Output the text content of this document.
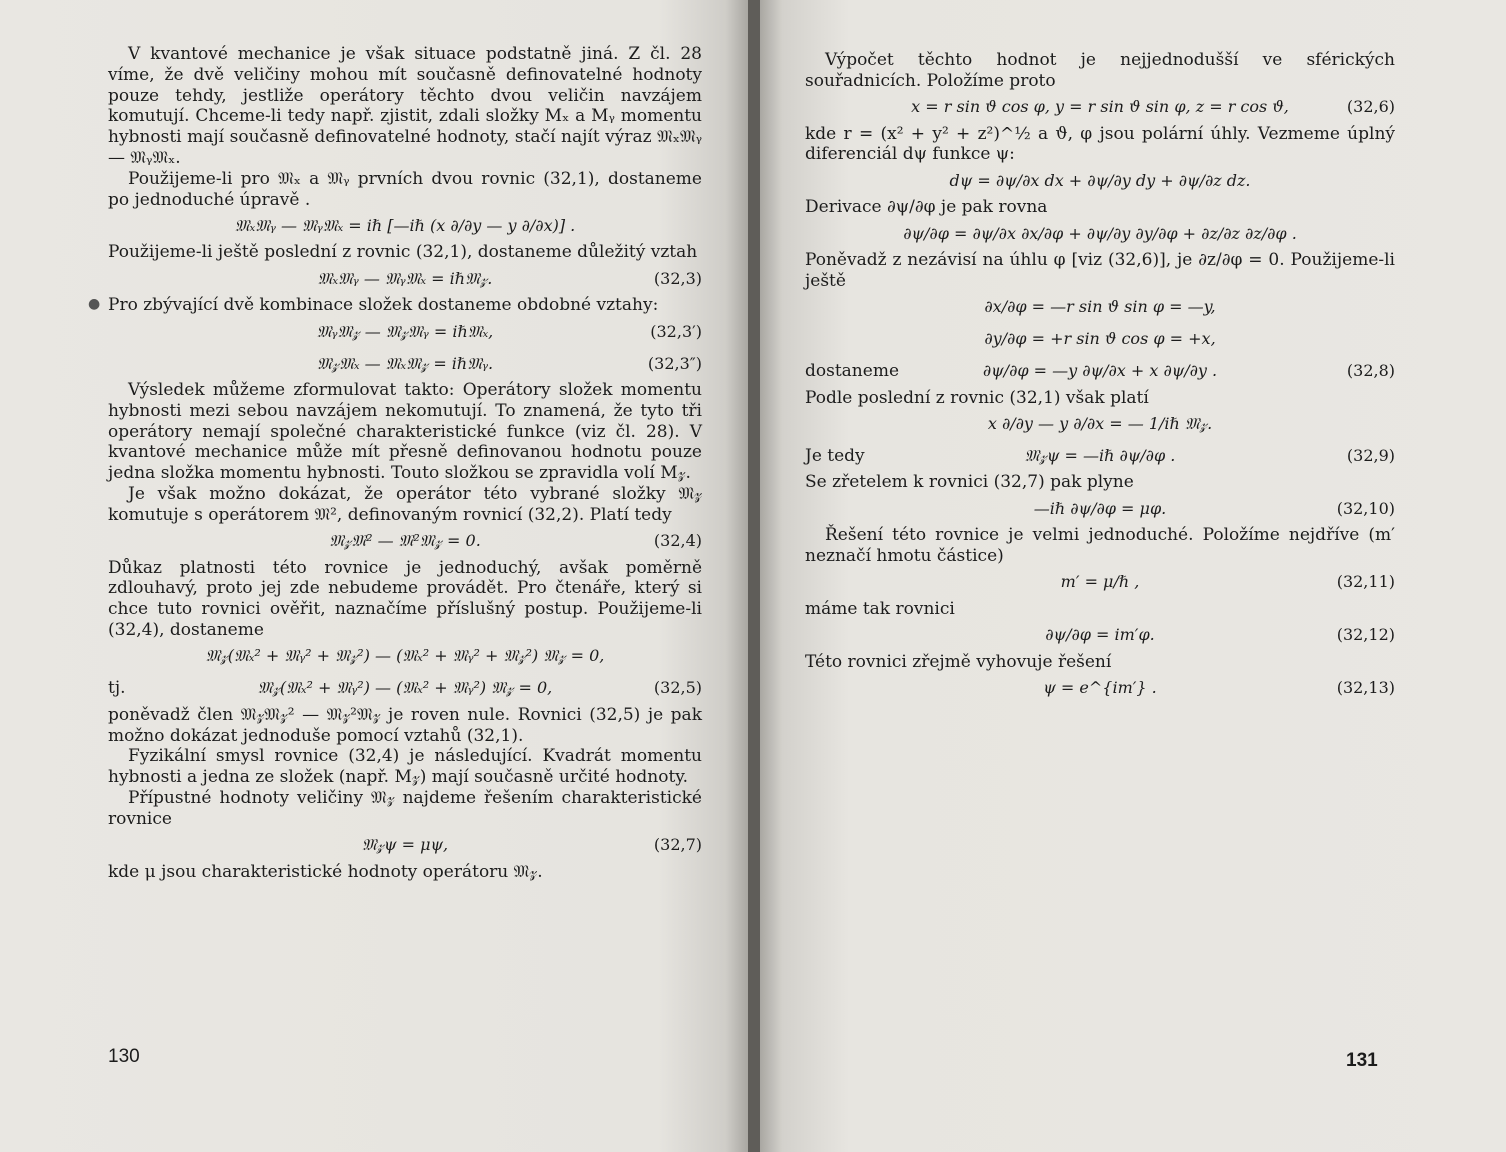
●

V kvantové mechanice je však situace podstatně jiná. Z čl. 28 víme, že dvě veličiny mohou mít současně definovatelné hodnoty pouze tehdy, jestliže operátory těchto dvou veličin navzájem komutují. Chceme-li tedy např. zjistit, zdali složky Mₓ a Mᵧ momentu hybnosti mají současně definovatelné hodnoty, stačí najít výraz 𝔐ₓ𝔐ᵧ — 𝔐ᵧ𝔐ₓ.

Použijeme-li pro 𝔐ₓ a 𝔐ᵧ prvních dvou rovnic (32,1), dostaneme po jednoduché úpravě .

𝔐ₓ𝔐ᵧ — 𝔐ᵧ𝔐ₓ = iℏ [—iℏ (x ∂/∂y — y ∂/∂x)] .

Použijeme-li ještě poslední z rovnic (32,1), dostaneme důležitý vztah

𝔐ₓ𝔐ᵧ — 𝔐ᵧ𝔐ₓ = iℏ𝔐𝓏.	(32,3)

Pro zbývající dvě kombinace složek dostaneme obdobné vztahy:

𝔐ᵧ𝔐𝓏 — 𝔐𝓏𝔐ᵧ = iℏ𝔐ₓ,	(32,3′)
𝔐𝓏𝔐ₓ — 𝔐ₓ𝔐𝓏 = iℏ𝔐ᵧ.	(32,3″)

Výsledek můžeme zformulovat takto: Operátory složek momentu hybnosti mezi sebou navzájem nekomutují. To znamená, že tyto tři operátory nemají společné charakteristické funkce (viz čl. 28). V kvantové mechanice může mít přesně definovanou hodnotu pouze jedna složka momentu hybnosti. Touto složkou se zpravidla volí M𝓏.

Je však možno dokázat, že operátor této vybrané složky 𝔐𝓏 komutuje s operátorem 𝔐², definovaným rovnicí (32,2). Platí tedy

𝔐𝓏𝔐² — 𝔐²𝔐𝓏 = 0.	(32,4)

Důkaz platnosti této rovnice je jednoduchý, avšak poměrně zdlouhavý, proto jej zde nebudeme provádět. Pro čtenáře, který si chce tuto rovnici ověřit, naznačíme příslušný postup. Použijeme-li (32,4), dostaneme

𝔐𝓏(𝔐ₓ² + 𝔐ᵧ² + 𝔐𝓏²) — (𝔐ₓ² + 𝔐ᵧ² + 𝔐𝓏²) 𝔐𝓏 = 0,
tj.	𝔐𝓏(𝔐ₓ² + 𝔐ᵧ²) — (𝔐ₓ² + 𝔐ᵧ²) 𝔐𝓏 = 0,	(32,5)

poněvadž člen 𝔐𝓏𝔐𝓏² — 𝔐𝓏²𝔐𝓏 je roven nule. Rovnici (32,5) je pak možno dokázat jednoduše pomocí vztahů (32,1).

Fyzikální smysl rovnice (32,4) je následující. Kvadrát momentu hybnosti a jedna ze složek (např. M𝓏) mají současně určité hodnoty.

Přípustné hodnoty veličiny 𝔐𝓏 najdeme řešením charakteristické rovnice

𝔐𝓏ψ = μψ,	(32,7)

kde μ jsou charakteristické hodnoty operátoru 𝔐𝓏.

130

Výpočet těchto hodnot je nejjednodušší ve sférických souřadnicích. Položíme proto

x = r sin ϑ cos φ, y = r sin ϑ sin φ, z = r cos ϑ,	(32,6)

kde r = (x² + y² + z²)^½ a ϑ, φ jsou polární úhly. Vezmeme úplný diferenciál dψ funkce ψ:

dψ = ∂ψ/∂x dx + ∂ψ/∂y dy + ∂ψ/∂z dz.

Derivace ∂ψ/∂φ je pak rovna

∂ψ/∂φ = ∂ψ/∂x ∂x/∂φ + ∂ψ/∂y ∂y/∂φ + ∂z/∂z ∂z/∂φ .

Poněvadž z nezávisí na úhlu φ [viz (32,6)], je ∂z/∂φ = 0. Použijeme-li ještě

∂x/∂φ = —r sin ϑ sin φ = —y,
∂y/∂φ = +r sin ϑ cos φ = +x,
dostaneme	∂ψ/∂φ = —y ∂ψ/∂x + x ∂ψ/∂y .	(32,8)

Podle poslední z rovnic (32,1) však platí

x ∂/∂y — y ∂/∂x = — 1/iℏ 𝔐𝓏.
Je tedy	𝔐𝓏ψ = —iℏ ∂ψ/∂φ .	(32,9)

Se zřetelem k rovnici (32,7) pak plyne

—iℏ ∂ψ/∂φ = μφ.	(32,10)

Řešení této rovnice je velmi jednoduché. Položíme nejdříve (m′ neznačí hmotu částice)

m′ = μ/ℏ ,	(32,11)

máme tak rovnici

∂ψ/∂φ = im′φ.	(32,12)

Této rovnici zřejmě vyhovuje řešení

ψ = e^{im′} .	(32,13)
131
